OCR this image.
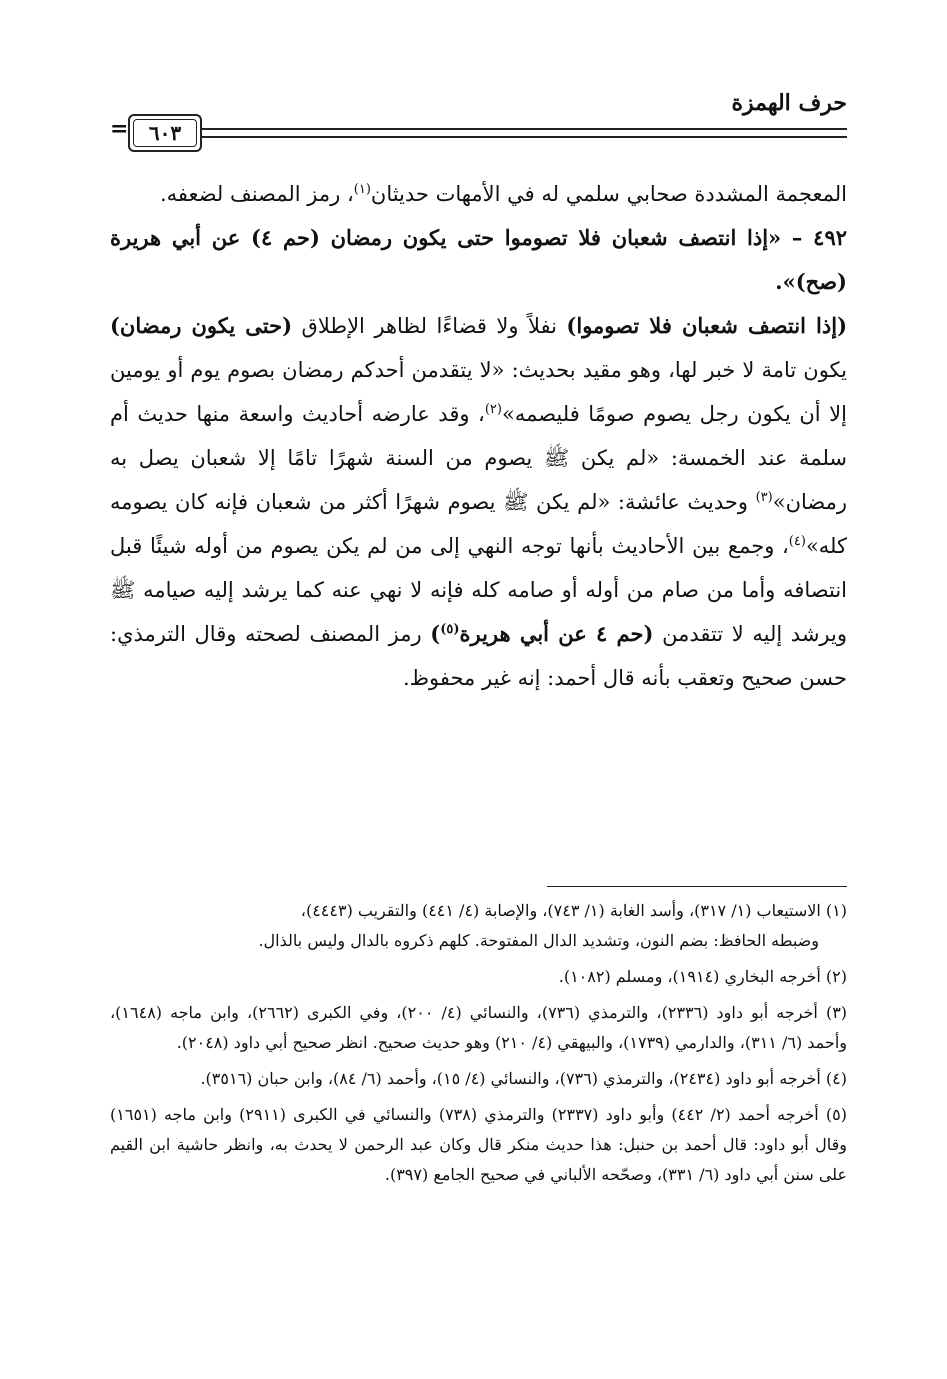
حرف الهمزة
٦٠٣
=

المعجمة المشددة صحابي سلمي له في الأمهات حديثان$^{(١)}$، رمز المصنف لضعفه.

٤٩٢ – «إذا انتصف شعبان فلا تصوموا حتى يكون رمضان (حم ٤) عن أبي هريرة (صح)».

(إذا انتصف شعبان فلا تصوموا) نفلاً ولا قضاءًا لظاهر الإطلاق (حتى يكون رمضان) يكون تامة لا خبر لها، وهو مقيد بحديث: «لا يتقدمن أحدكم رمضان بصوم يوم أو يومين إلا أن يكون رجل يصوم صومًا فليصمه»$^{(٢)}$، وقد عارضه أحاديث واسعة منها حديث أم سلمة عند الخمسة: «لم يكن ﷺ يصوم من السنة شهرًا تامًا إلا شعبان يصل به رمضان»$^{(٣)}$ وحديث عائشة: «لم يكن ﷺ يصوم شهرًا أكثر من شعبان فإنه كان يصومه كله»$^{(٤)}$، وجمع بين الأحاديث بأنها توجه النهي إلى من لم يكن يصوم من أوله شيئًا قبل انتصافه وأما من صام من أوله أو صامه كله فإنه لا نهي عنه كما يرشد إليه صيامه ﷺ ويرشد إليه لا تتقدمن (حم ٤ عن أبي هريرة$^{(٥)}$) رمز المصنف لصحته وقال الترمذي: حسن صحيح وتعقب بأنه قال أحمد: إنه غير محفوظ.

(١) الاستيعاب (١/ ٣١٧)، وأسد الغابة (١/ ٧٤٣)، والإصابة (٤/ ٤٤١) والتقريب (٤٤٤٣)،
وضبطه الحافظ: بضم النون، وتشديد الدال المفتوحة. كلهم ذكروه بالدال وليس بالذال.

(٢) أخرجه البخاري (١٩١٤)، ومسلم (١٠٨٢).

(٣) أخرجه أبو داود (٢٣٣٦)، والترمذي (٧٣٦)، والنسائي (٤/ ٢٠٠)، وفي الكبرى (٢٦٦٢)، وابن ماجه (١٦٤٨)، وأحمد (٦/ ٣١١)، والدارمي (١٧٣٩)، والبيهقي (٤/ ٢١٠) وهو حديث صحيح. انظر صحيح أبي داود (٢٠٤٨).

(٤) أخرجه أبو داود (٢٤٣٤)، والترمذي (٧٣٦)، والنسائي (٤/ ١٥)، وأحمد (٦/ ٨٤)، وابن حبان (٣٥١٦).

(٥) أخرجه أحمد (٢/ ٤٤٢) وأبو داود (٢٣٣٧) والترمذي (٧٣٨) والنسائي في الكبرى (٢٩١١) وابن ماجه (١٦٥١) وقال أبو داود: قال أحمد بن حنبل: هذا حديث منكر قال وكان عبد الرحمن لا يحدث به، وانظر حاشية ابن القيم على سنن أبي داود (٦/ ٣٣١)، وصحّحه الألباني في صحيح الجامع (٣٩٧).
